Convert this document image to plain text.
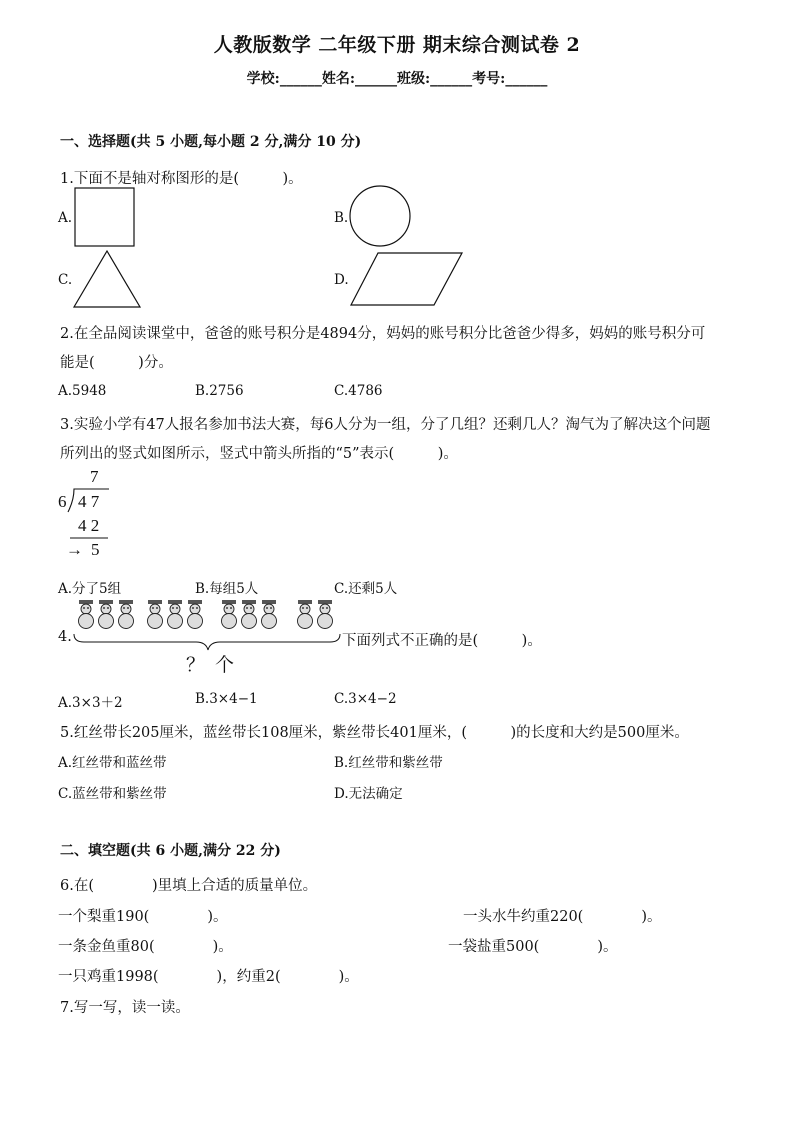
人教版数学 二年级下册 期末综合测试卷 2
学校:______姓名:______班级:______考号:______
一、选择题(共 5 小题,每小题 2 分,满分 10 分)
1.下面不是轴对称图形的是(　　　)。
A.	B.
C.	D.
2.在全品阅读课堂中，爸爸的账号积分是4894分，妈妈的账号积分比爸爸少得多，妈妈的账号积分可
能是(　　　)分。
A.5948	B.2756	C.4786
3.实验小学有47人报名参加书法大赛，每6人分为一组，分了几组？还剩几人？淘气为了解决这个问题
所列出的竖式如图所示，竖式中箭头所指的“5”表示(　　　)。
7
6 4 7
4 2
→ 5
A.分了5组	B.每组5人	C.还剩5人
4.
？ 个
下面列式不正确的是(　　　)。
A.3×3＋2	B.3×4−1	C.3×4−2
5.红丝带长205厘米，蓝丝带长108厘米，紫丝带长401厘米，(　　　)的长度和大约是500厘米。
A.红丝带和蓝丝带	B.红丝带和紫丝带
C.蓝丝带和紫丝带	D.无法确定
二、填空题(共 6 小题,满分 22 分)
6.在(　　　　)里填上合适的质量单位。
一个梨重190(　　　　)。	一头水牛约重220(　　　　)。
一条金鱼重80(　　　　)。	一袋盐重500(　　　　)。
一只鸡重1998(　　　　)，约重2(　　　　)。
7.写一写，读一读。
